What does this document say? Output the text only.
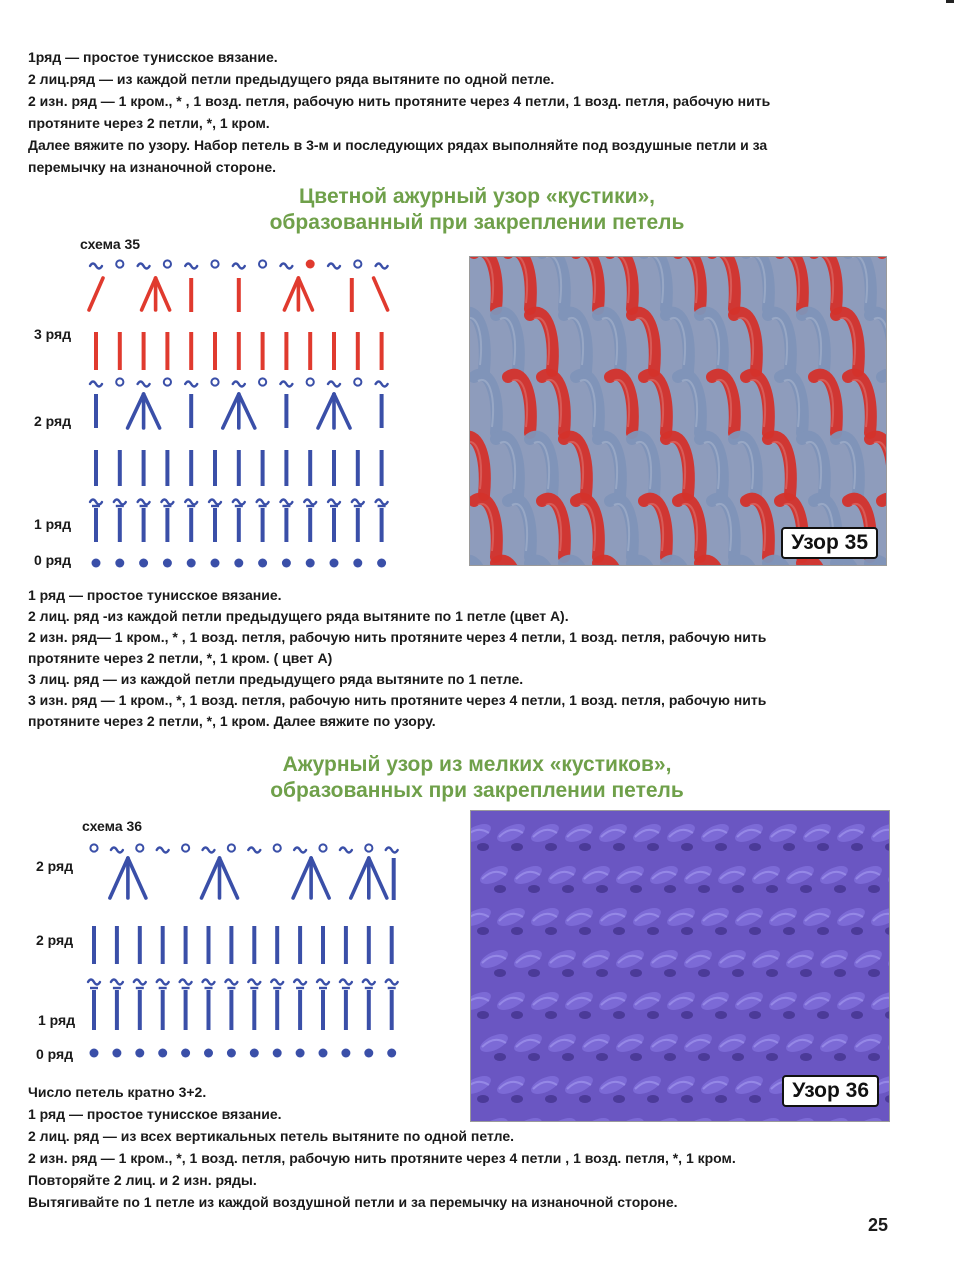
1ряд — простое тунисское вязание.

2 лиц.ряд — из каждой петли предыдущего ряда вытяните по одной петле.

2 изн. ряд — 1 кром., * , 1 возд. петля, рабочую нить протяните через 4 петли, 1 возд. петля, рабочую нить

протяните через 2 петли, *, 1 кром.

Далее вяжите по узору. Набор петель в 3-м и последующих рядах выполняйте под воздушные петли и за

перемычку на изнаночной стороне.

Цветной ажурный узор «кустики»,
образованный при закреплении петель
схема 35
3 ряд
2 ряд
1 ряд
0 ряд
Узор 35

1 ряд — простое тунисское вязание.

2 лиц. ряд -из каждой петли предыдущего ряда вытяните по 1 петле (цвет А).

2 изн. ряд— 1 кром., * , 1 возд. петля, рабочую нить протяните через 4 петли, 1 возд. петля, рабочую нить

протяните через 2 петли, *, 1 кром. ( цвет А)

3 лиц. ряд — из каждой петли предыдущего ряда вытяните по 1 петле.

3 изн. ряд — 1 кром., *, 1 возд. петля, рабочую нить протяните через 4 петли, 1 возд. петля, рабочую нить

протяните через 2 петли, *, 1 кром. Далее вяжите по узору.

Ажурный узор из мелких «кустиков»,
образованных при закреплении петель
схема 36
2 ряд
2 ряд
1 ряд
0 ряд
Узор 36

Число петель кратно 3+2.

1 ряд — простое тунисское вязание.

2 лиц. ряд — из всех вертикальных петель вытяните по одной петле.

2 изн. ряд — 1 кром., *, 1 возд. петля, рабочую нить протяните через 4 петли , 1 возд. петля, *, 1 кром.

Повторяйте 2 лиц. и 2 изн. ряды.

Вытягивайте по 1 петле из каждой воздушной петли и за перемычку на изнаночной стороне.

25
